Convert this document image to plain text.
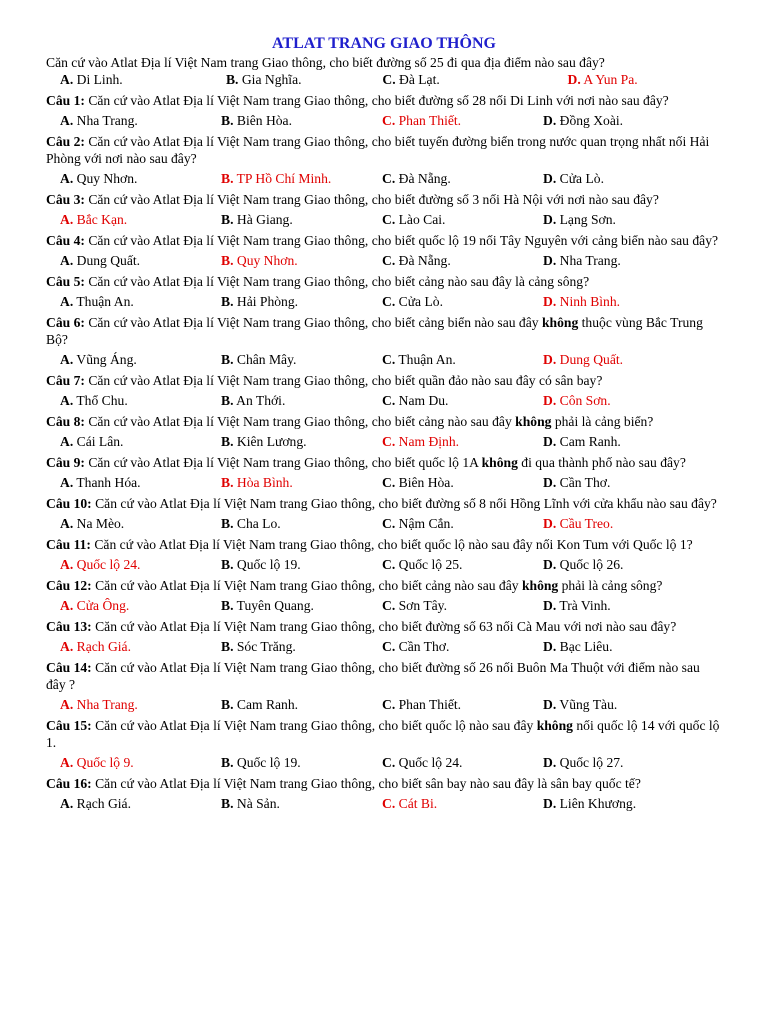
ATLAT TRANG GIAO THÔNG
Căn cứ vào Atlat Địa lí Việt Nam trang Giao thông, cho biết đường số 25 đi qua địa điểm nào sau đây?
A. Di Linh.	B. Gia Nghĩa.	C. Đà Lạt.	D. A Yun Pa.
Câu 1: Căn cứ vào Atlat Địa lí Việt Nam trang Giao thông, cho biết đường số 28 nối Di Linh với nơi nào sau đây?
A. Nha Trang.	B. Biên Hòa.	C. Phan Thiết.	D. Đồng Xoài.
Câu 2: Căn cứ vào Atlat Địa lí Việt Nam trang Giao thông, cho biết tuyến đường biển trong nước quan trọng nhất nối Hải Phòng với nơi nào sau đây?
A. Quy Nhơn.	B. TP Hồ Chí Minh.	C. Đà Nẵng.	D. Cửa Lò.
Câu 3: Căn cứ vào Atlat Địa lí Việt Nam trang Giao thông, cho biết đường số 3 nối Hà Nội với nơi nào sau đây?
A. Bắc Kạn.	B. Hà Giang.	C. Lào Cai.	D. Lạng Sơn.
Câu 4: Căn cứ vào Atlat Địa lí Việt Nam trang Giao thông, cho biết quốc lộ 19 nối Tây Nguyên với cảng biển nào sau đây?
A. Dung Quất.	B. Quy Nhơn.	C. Đà Nẵng.	D. Nha Trang.
Câu 5: Căn cứ vào Atlat Địa lí Việt Nam trang Giao thông, cho biết cảng nào sau đây là cảng sông?
A. Thuận An.	B. Hải Phòng.	C. Cửa Lò.	D. Ninh Bình.
Câu 6: Căn cứ vào Atlat Địa lí Việt Nam trang Giao thông, cho biết cảng biển nào sau đây không thuộc vùng Bắc Trung Bộ?
A. Vũng Áng.	B. Chân Mây.	C. Thuận An.	D. Dung Quất.
Câu 7: Căn cứ vào Atlat Địa lí Việt Nam trang Giao thông, cho biết quần đảo nào sau đây có sân bay?
A. Thổ Chu.	B. An Thới.	C. Nam Du.	D. Côn Sơn.
Câu 8: Căn cứ vào Atlat Địa lí Việt Nam trang Giao thông, cho biết cảng nào sau đây không phải là cảng biển?
A. Cái Lân.	B. Kiên Lương.	C. Nam Định.	D. Cam Ranh.
Câu 9: Căn cứ vào Atlat Địa lí Việt Nam trang Giao thông, cho biết quốc lộ 1A không đi qua thành phố nào sau đây?
A. Thanh Hóa.	B. Hòa Bình.	C. Biên Hòa.	D. Cần Thơ.
Câu 10: Căn cứ vào Atlat Địa lí Việt Nam trang Giao thông, cho biết đường số 8 nối Hồng Lĩnh với cửa khẩu nào sau đây?
A. Na Mèo.	B. Cha Lo.	C. Nậm Cắn.	D. Cầu Treo.
Câu 11: Căn cứ vào Atlat Địa lí Việt Nam trang Giao thông, cho biết quốc lộ nào sau đây nối Kon Tum với Quốc lộ 1?
A. Quốc lộ 24.	B. Quốc lộ 19.	C. Quốc lộ 25.	D. Quốc lộ 26.
Câu 12: Căn cứ vào Atlat Địa lí Việt Nam trang Giao thông, cho biết cảng nào sau đây không phải là cảng sông?
A. Cửa Ông.	B. Tuyên Quang.	C. Sơn Tây.	D. Trà Vinh.
Câu 13: Căn cứ vào Atlat Địa lí Việt Nam trang Giao thông, cho biết đường số 63 nối Cà Mau với nơi nào sau đây?
A. Rạch Giá.	B. Sóc Trăng.	C. Cần Thơ.	D. Bạc Liêu.
Câu 14: Căn cứ vào Atlat Địa lí Việt Nam trang Giao thông, cho biết đường số 26 nối Buôn Ma Thuột với điểm nào sau đây ?
A. Nha Trang.	B. Cam Ranh.	C. Phan Thiết.	D. Vũng Tàu.
Câu 15: Căn cứ vào Atlat Địa lí Việt Nam trang Giao thông, cho biết quốc lộ nào sau đây không nối quốc lộ 14 với quốc lộ 1.
A. Quốc lộ 9.	B. Quốc lộ 19.	C. Quốc lộ 24.	D. Quốc lộ 27.
Câu 16: Căn cứ vào Atlat Địa lí Việt Nam trang Giao thông, cho biết sân bay nào sau đây là sân bay quốc tế?
A. Rạch Giá.	B. Nà Sản.	C. Cát Bi.	D. Liên Khương.
